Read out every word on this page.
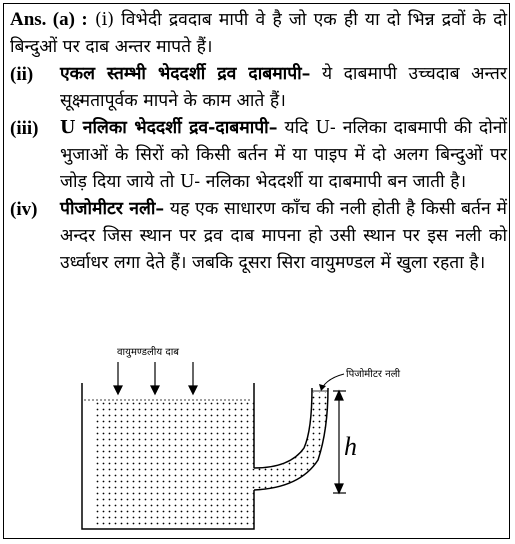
Ans. (a) : (i) विभेदी द्रवदाब मापी वे है जो एक ही या दो भिन्न द्रवों के दो बिन्दुओं पर दाब अन्तर मापते हैं।

(ii)	एकल स्तम्भी भेददर्शी द्रव दाबमापी– ये दाबमापी उच्चदाब अन्तर सूक्ष्मतापूर्वक मापने के काम आते हैं।
(iii)	U नलिका भेददर्शी द्रव-दाबमापी– यदि U- नलिका दाबमापी की दोनों भुजाओं के सिरों को किसी बर्तन में या पाइप में दो अलग बिन्दुओं पर जोड़ दिया जाये तो U- नलिका भेददर्शी या दाबमापी बन जाती है।
(iv)	पीजोमीटर नली– यह एक साधारण काँच की नली होती है किसी बर्तन में अन्दर जिस स्थान पर द्रव दाब मापना हो उसी स्थान पर इस नली को उर्ध्वाधर लगा देते हैं। जबकि दूसरा सिरा वायुमण्डल में खुला रहता है।
वायुमण्डलीय दाब
पिजोमीटर नली
h
